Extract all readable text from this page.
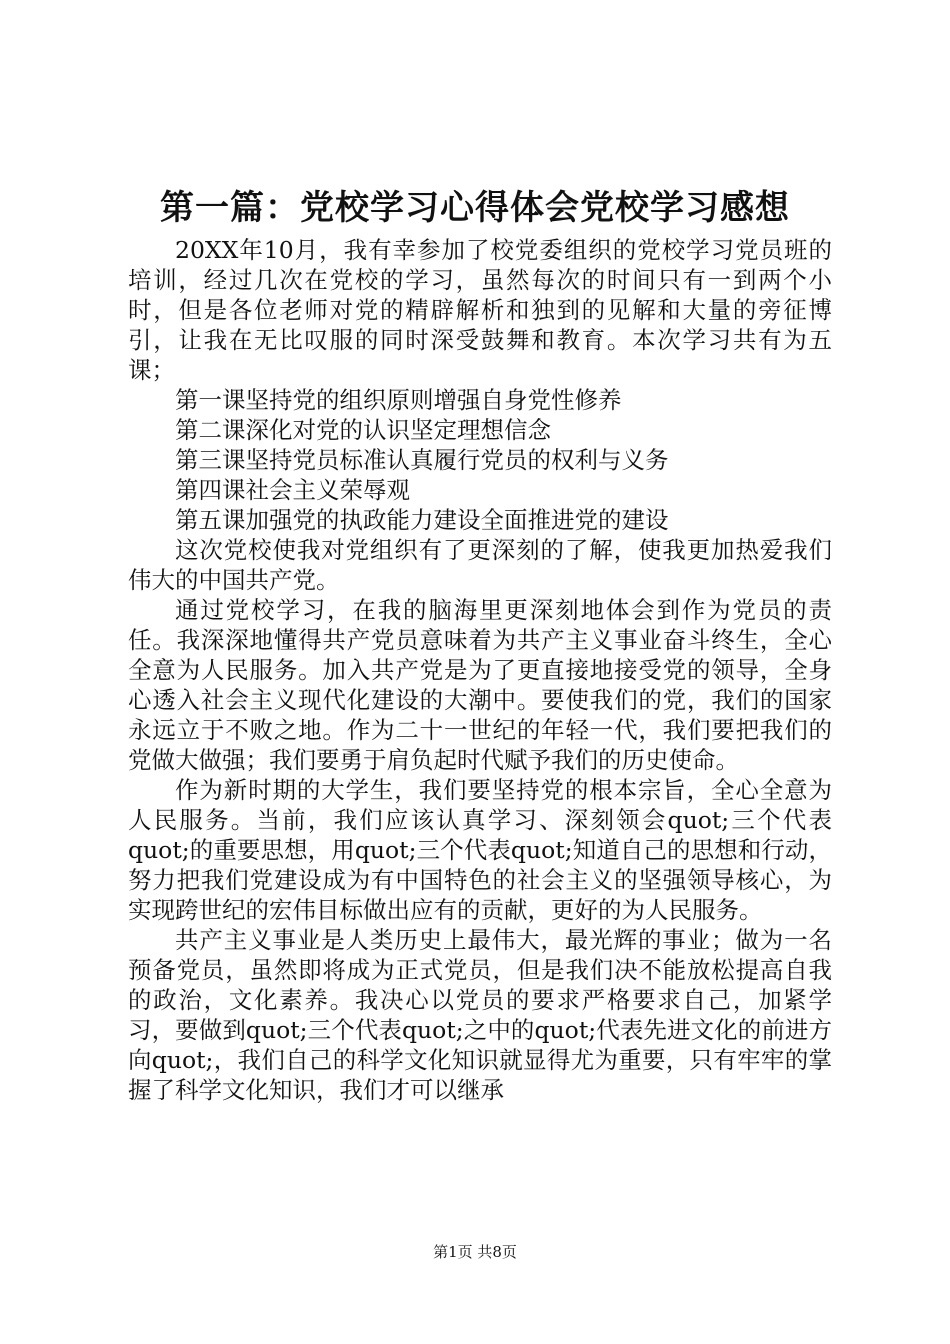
第一篇：党校学习心得体会党校学习感想

20XX年10月，我有幸参加了校党委组织的党校学习党员班的培训，经过几次在党校的学习，虽然每次的时间只有一到两个小时，但是各位老师对党的精辟解析和独到的见解和大量的旁征博引，让我在无比叹服的同时深受鼓舞和教育。本次学习共有为五课；

第一课坚持党的组织原则增强自身党性修养

第二课深化对党的认识坚定理想信念

第三课坚持党员标准认真履行党员的权利与义务

第四课社会主义荣辱观

第五课加强党的执政能力建设全面推进党的建设

这次党校使我对党组织有了更深刻的了解，使我更加热爱我们伟大的中国共产党。

通过党校学习，在我的脑海里更深刻地体会到作为党员的责任。我深深地懂得共产党员意味着为共产主义事业奋斗终生，全心全意为人民服务。加入共产党是为了更直接地接受党的领导，全身心透入社会主义现代化建设的大潮中。要使我们的党，我们的国家永远立于不败之地。作为二十一世纪的年轻一代，我们要把我们的党做大做强；我们要勇于肩负起时代赋予我们的历史使命。

作为新时期的大学生，我们要坚持党的根本宗旨，全心全意为人民服务。当前，我们应该认真学习、深刻领会quot;三个代表quot;的重要思想，用quot;三个代表quot;知道自己的思想和行动，努力把我们党建设成为有中国特色的社会主义的坚强领导核心，为实现跨世纪的宏伟目标做出应有的贡献，更好的为人民服务。

共产主义事业是人类历史上最伟大，最光辉的事业；做为一名预备党员，虽然即将成为正式党员，但是我们决不能放松提高自我的政治，文化素养。我决心以党员的要求严格要求自己，加紧学习，要做到quot;三个代表quot;之中的quot;代表先进文化的前进方向quot;，我们自己的科学文化知识就显得尤为重要，只有牢牢的掌握了科学文化知识，我们才可以继承

第1页 共8页
